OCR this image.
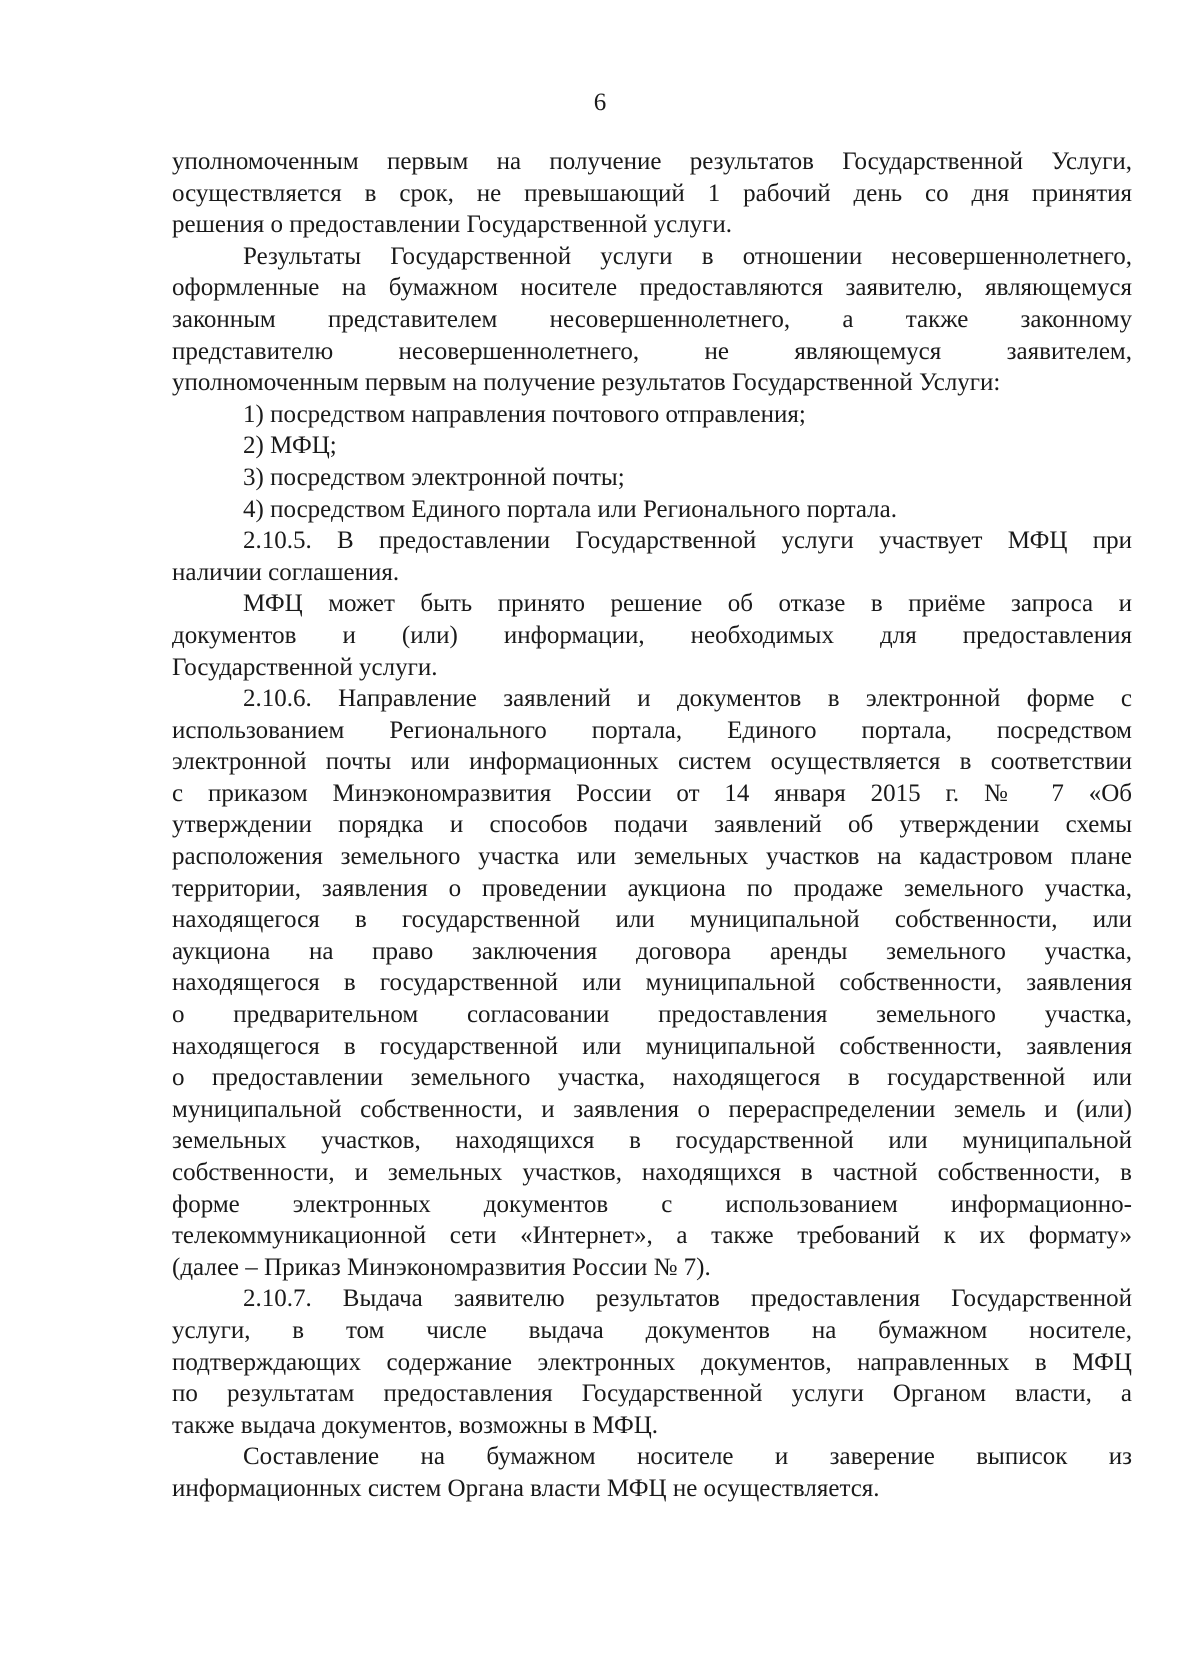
6

уполномоченным первым на получение результатов Государственной Услуги,

осуществляется в срок, не превышающий 1 рабочий день со дня принятия

решения о предоставлении Государственной услуги.

Результаты Государственной услуги в отношении несовершеннолетнего,

оформленные на бумажном носителе предоставляются заявителю, являющемуся

законным представителем несовершеннолетнего, а также законному

представителю несовершеннолетнего, не являющемуся заявителем,

уполномоченным первым на получение результатов Государственной Услуги:

1) посредством направления почтового отправления;

2) МФЦ;

3) посредством электронной почты;

4) посредством Единого портала или Регионального портала.

2.10.5. В предоставлении Государственной услуги участвует МФЦ при

наличии соглашения.

МФЦ может быть принято решение об отказе в приёме запроса и

документов и (или) информации, необходимых для предоставления

Государственной услуги.

2.10.6. Направление заявлений и документов в электронной форме с

использованием Регионального портала, Единого портала, посредством

электронной почты или информационных систем осуществляется в соответствии

с приказом Минэкономразвития России от 14 января 2015 г. № 7 «Об

утверждении порядка и способов подачи заявлений об утверждении схемы

расположения земельного участка или земельных участков на кадастровом плане

территории, заявления о проведении аукциона по продаже земельного участка,

находящегося в государственной или муниципальной собственности, или

аукциона на право заключения договора аренды земельного участка,

находящегося в государственной или муниципальной собственности, заявления

о предварительном согласовании предоставления земельного участка,

находящегося в государственной или муниципальной собственности, заявления

о предоставлении земельного участка, находящегося в государственной или

муниципальной собственности, и заявления о перераспределении земель и (или)

земельных участков, находящихся в государственной или муниципальной

собственности, и земельных участков, находящихся в частной собственности, в

форме электронных документов с использованием информационно-

телекоммуникационной сети «Интернет», а также требований к их формату»

(далее – Приказ Минэкономразвития России № 7).

2.10.7. Выдача заявителю результатов предоставления Государственной

услуги, в том числе выдача документов на бумажном носителе,

подтверждающих содержание электронных документов, направленных в МФЦ

по результатам предоставления Государственной услуги Органом власти, а

также выдача документов, возможны в МФЦ.

Составление на бумажном носителе и заверение выписок из

информационных систем Органа власти МФЦ не осуществляется.
